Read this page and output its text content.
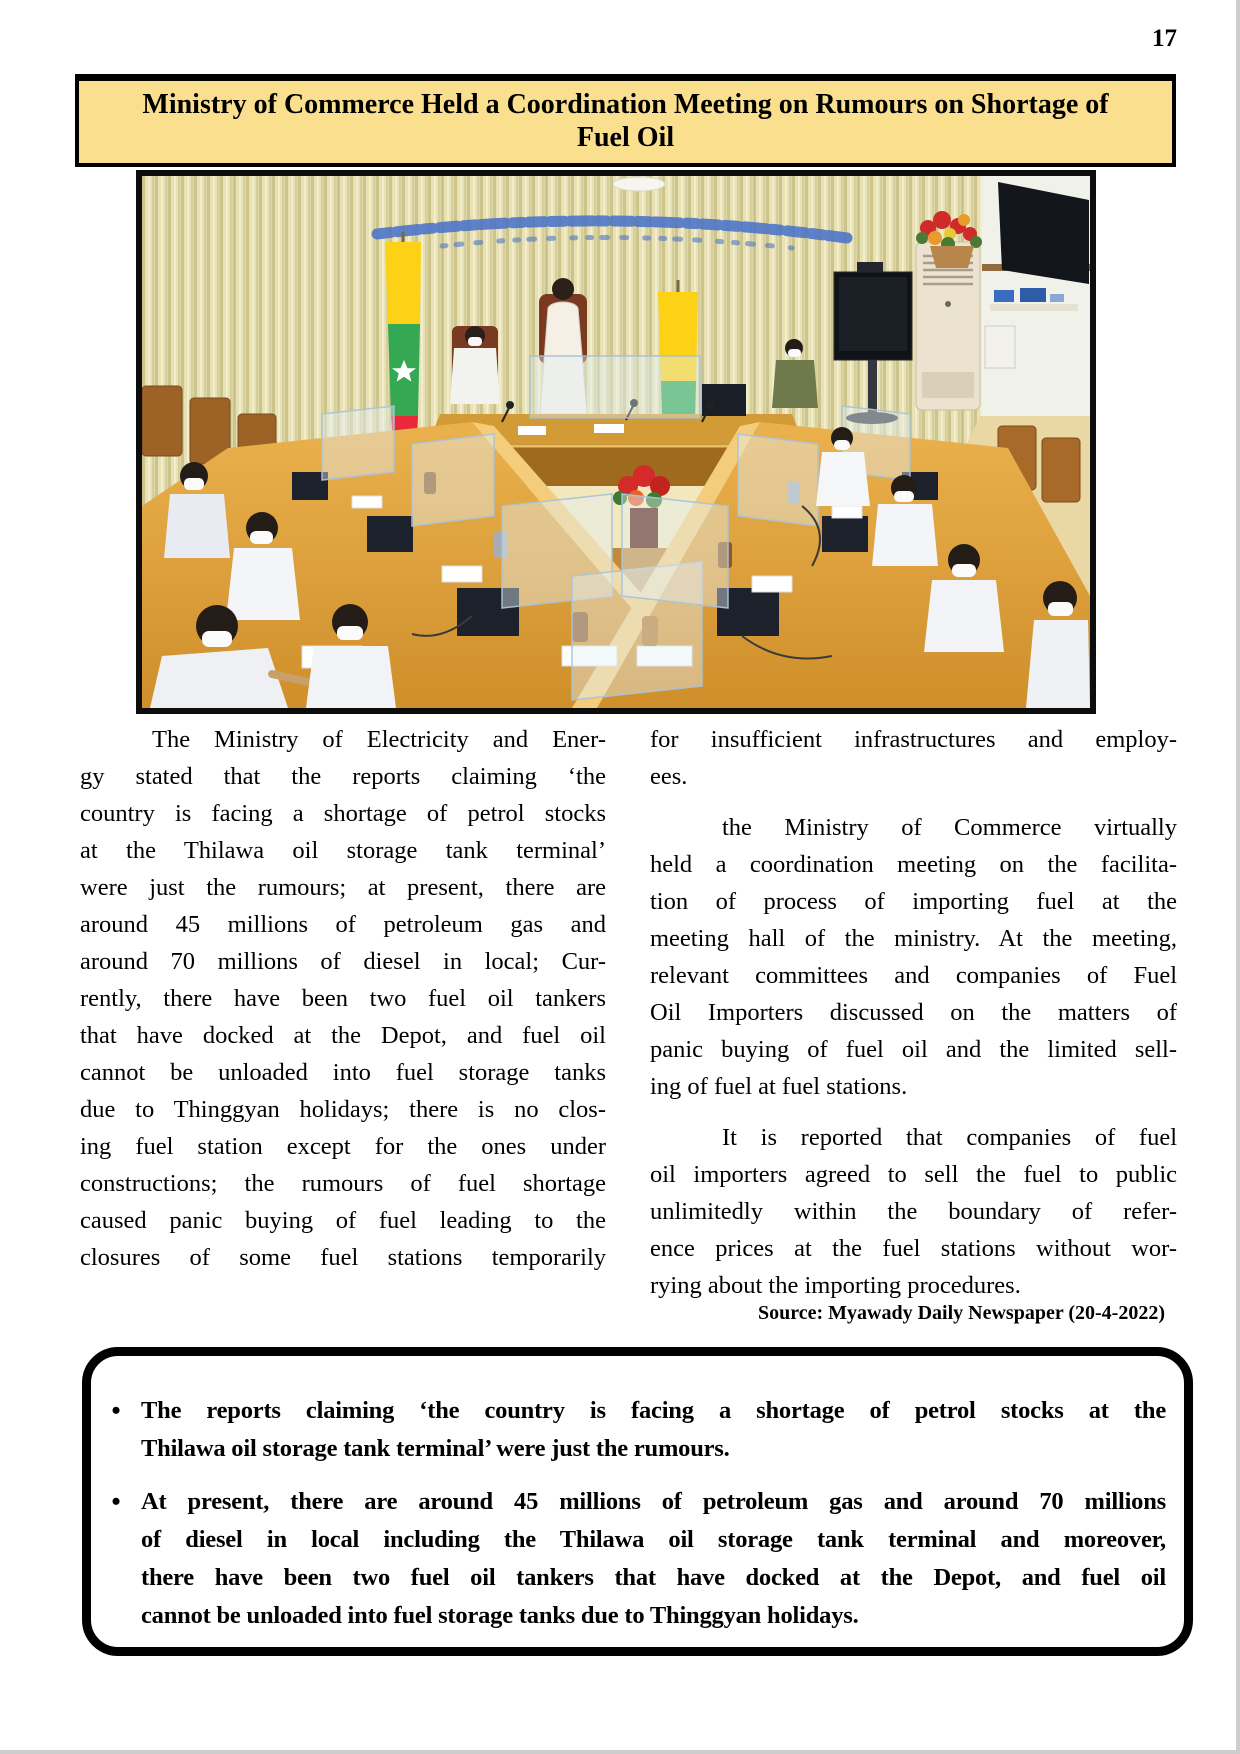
17
Ministry of Commerce Held a Coordination Meeting on Rumours on Shortage of
Fuel Oil
The Ministry of Electricity and Ener-
gy stated that the reports claiming ‘the
country is facing a shortage of petrol stocks
at the Thilawa oil storage tank terminal’
were just the rumours; at present, there are
around 45 millions of petroleum gas and
around 70 millions of diesel in local; Cur-
rently, there have been two fuel oil tankers
that have docked at the Depot, and fuel oil
cannot be unloaded into fuel storage tanks
due to Thinggyan holidays; there is no clos-
ing fuel station except for the ones under
constructions; the rumours of fuel shortage
caused panic buying of fuel leading to the
closures of some fuel stations temporarily
for insufficient infrastructures and employ-
ees.
the Ministry of Commerce virtually
held a coordination meeting on the facilita-
tion of process of importing fuel at the
meeting hall of the ministry. At the meeting,
relevant committees and companies of Fuel
Oil Importers discussed on the matters of
panic buying of fuel oil and the limited sell-
ing of fuel at fuel stations.
It is reported that companies of fuel
oil importers agreed to sell the fuel to public
unlimitedly within the boundary of refer-
ence prices at the fuel stations without wor-
rying about the importing procedures.
Source: Myawady Daily Newspaper (20-4-2022)
• The reports claiming ‘the country is facing a shortage of petrol stocks at the
Thilawa oil storage tank terminal’ were just the rumours.
• At present, there are around 45 millions of petroleum gas and around 70 millions
of diesel in local including the Thilawa oil storage tank terminal and moreover,
there have been two fuel oil tankers that have docked at the Depot, and fuel oil
cannot be unloaded into fuel storage tanks due to Thinggyan holidays.
